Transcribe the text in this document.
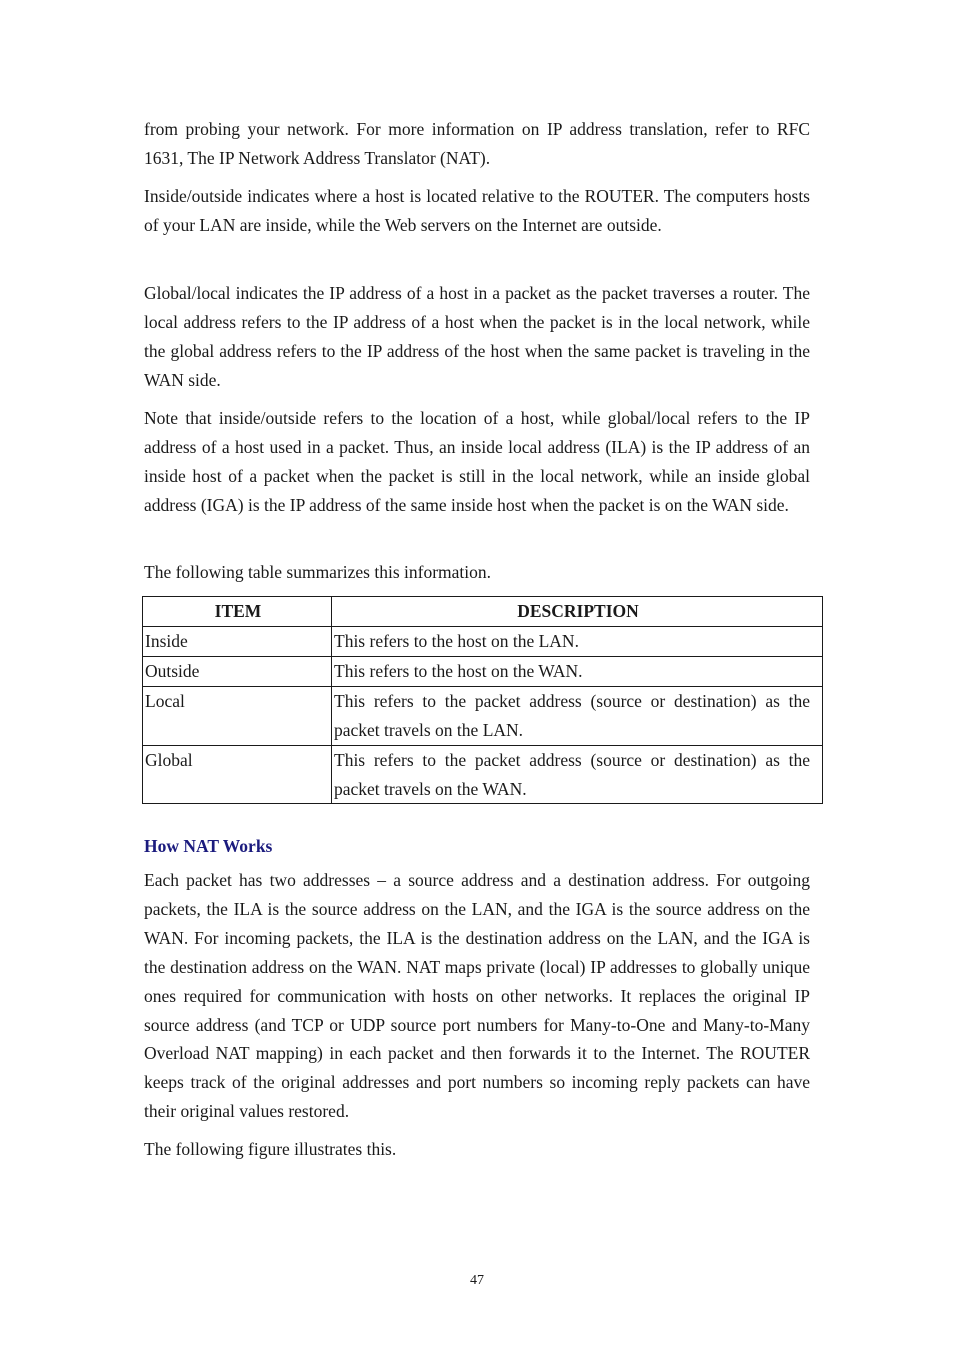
from probing your network. For more information on IP address translation, refer to RFC 1631, The IP Network Address Translator (NAT).

Inside/outside indicates where a host is located relative to the ROUTER. The computers hosts of your LAN are inside, while the Web servers on the Internet are outside.

Global/local indicates the IP address of a host in a packet as the packet traverses a router. The local address refers to the IP address of a host when the packet is in the local network, while the global address refers to the IP address of the host when the same packet is traveling in the WAN side.

Note that inside/outside refers to the location of a host, while global/local refers to the IP address of a host used in a packet. Thus, an inside local address (ILA) is the IP address of an inside host of a packet when the packet is still in the local network, while an inside global address (IGA) is the IP address of the same inside host when the packet is on the WAN side.

The following table summarizes this information.

ITEM	DESCRIPTION
Inside	This refers to the host on the LAN.
Outside	This refers to the host on the WAN.
Local	This refers to the packet address (source or destination) as the packet travels on the LAN.
Global	This refers to the packet address (source or destination) as the packet travels on the WAN.
How NAT Works

Each packet has two addresses – a source address and a destination address. For outgoing packets, the ILA is the source address on the LAN, and the IGA is the source address on the WAN. For incoming packets, the ILA is the destination address on the LAN, and the IGA is the destination address on the WAN. NAT maps private (local) IP addresses to globally unique ones required for communication with hosts on other networks. It replaces the original IP source address (and TCP or UDP source port numbers for Many-to-One and Many-to-Many Overload NAT mapping) in each packet and then forwards it to the Internet. The ROUTER keeps track of the original addresses and port numbers so incoming reply packets can have their original values restored.

The following figure illustrates this.

47
